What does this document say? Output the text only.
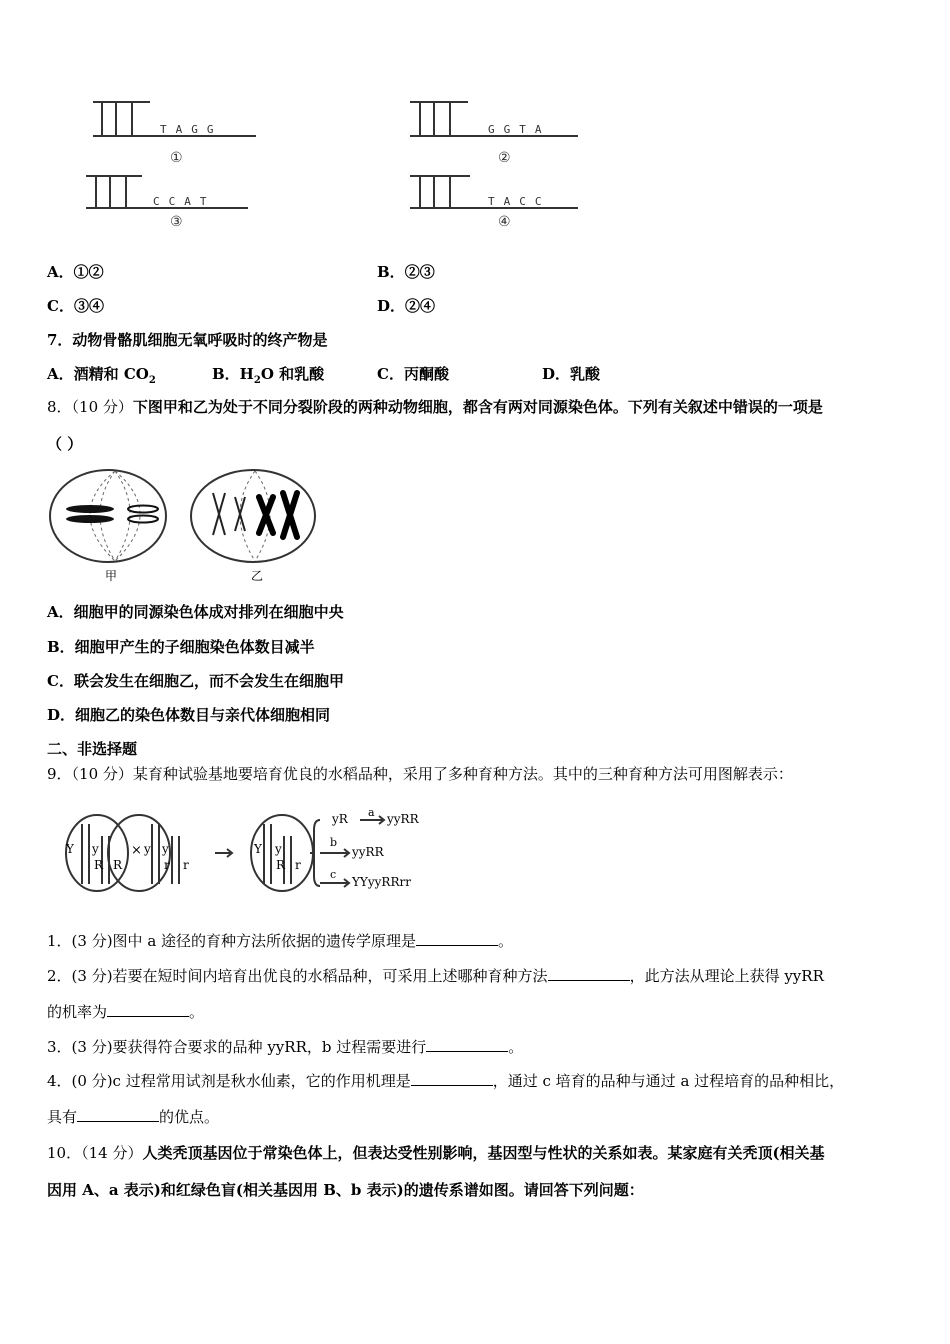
TAGG
①
GGTA
②
CCAT
③
TACC
④
A．①②	B．②③
C．③④	D．②④
7．动物骨骼肌细胞无氧呼吸时的终产物是
A．酒精和 $CO_2$	B．$H_2O$ 和乳酸	C．丙酮酸	D．乳酸
8．（10 分）下图甲和乙为处于不同分裂阶段的两种动物细胞，都含有两对同源染色体。下列有关叙述中错误的一项是
（ ）
甲	乙
A．细胞甲的同源染色体成对排列在细胞中央
B．细胞甲产生的子细胞染色体数目减半
C．联会发生在细胞乙，而不会发生在细胞甲
D．细胞乙的染色体数目与亲代体细胞相同
二、非选择题
9．（10 分）某育种试验基地要培育优良的水稻品种，采用了多种育种方法。其中的三种育种方法可用图解表示：
Y y
R R
× y y
r r
Y y
R r
yR a yyRR
b
yyRR
c
YYyyRRrr
1．(3 分)图中 a 途径的育种方法所依据的遗传学原理是	。
2．(3 分)若要在短时间内培育出优良的水稻品种，可采用上述哪种育种方法	，此方法从理论上获得 yyRR
的机率为	。
3．(3 分)要获得符合要求的品种 yyRR，b 过程需要进行	。
4．(0 分)c 过程常用试剂是秋水仙素，它的作用机理是	，通过 c 培育的品种与通过 a 过程培育的品种相比，
具有	的优点。
10．（14 分）人类秃顶基因位于常染色体上，但表达受性别影响，基因型与性状的关系如表。某家庭有关秃顶(相关基
因用 A、a 表示)和红绿色盲(相关基因用 B、b 表示)的遗传系谱如图。请回答下列问题：
